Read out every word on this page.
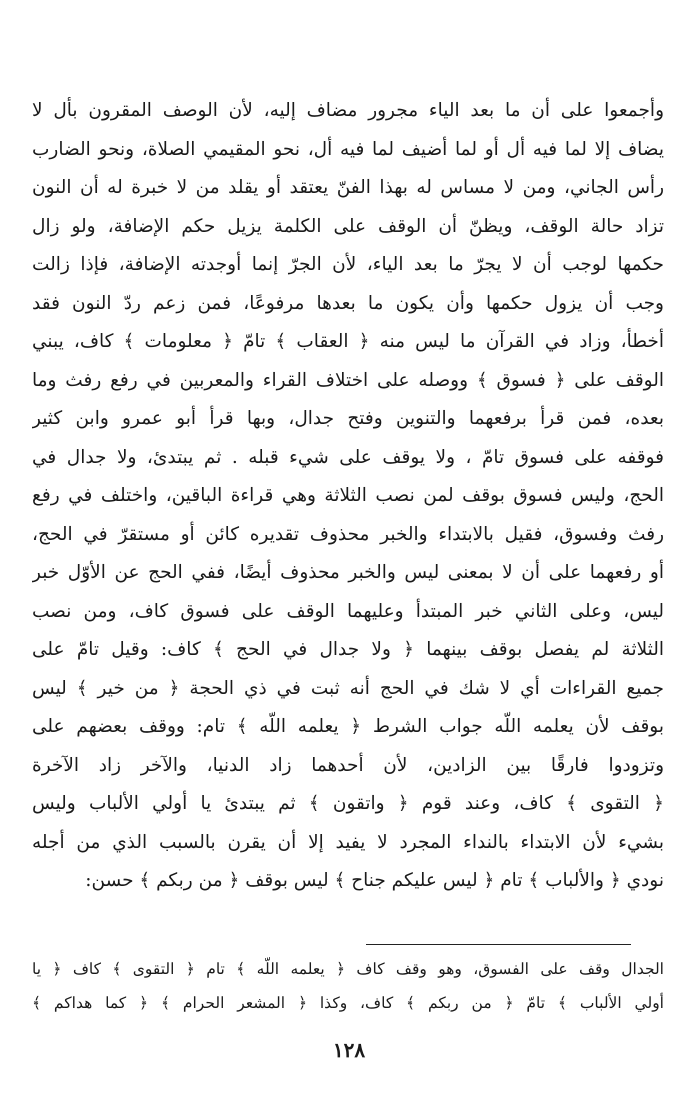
وأجمعوا على أن ما بعد الياء مجرور مضاف إليه، لأن الوصف المقرون بأل لا
يضاف إلا لما فيه أل أو لما أضيف لما فيه أل، نحو المقيمي الصلاة، ونحو الضارب
رأس الجاني، ومن لا مساس له بهذا الفنّ يعتقد أو يقلد من لا خبرة له أن النون
تزاد حالة الوقف، ويظنّ أن الوقف على الكلمة يزيل حكم الإضافة، ولو زال
حكمها لوجب أن لا يجرّ ما بعد الياء، لأن الجرّ إنما أوجدته الإضافة، فإذا زالت
وجب أن يزول حكمها وأن يكون ما بعدها مرفوعًا، فمن زعم ردّ النون فقد
أخطأ، وزاد في القرآن ما ليس منه ﴿ العقاب ﴾ تامّ ﴿ معلومات ﴾ كاف، يبني
الوقف على ﴿ فسوق ﴾ ووصله على اختلاف القراء والمعربين في رفع رفث وما
بعده، فمن قرأ برفعهما والتنوين وفتح جدال، وبها قرأ أبو عمرو وابن كثير
فوقفه على فسوق تامّ ، ولا يوقف على شيء قبله . ثم يبتدئ، ولا جدال في
الحج، وليس فسوق بوقف لمن نصب الثلاثة وهي قراءة الباقين، واختلف في رفع
رفث وفسوق، فقيل بالابتداء والخبر محذوف تقديره كائن أو مستقرّ في الحج،
أو رفعهما على أن لا بمعنى ليس والخبر محذوف أيضًا، ففي الحج عن الأوّل خبر
ليس، وعلى الثاني خبر المبتدأ وعليهما الوقف على فسوق كاف، ومن نصب
الثلاثة لم يفصل بوقف بينهما ﴿ ولا جدال في الحج ﴾ كاف: وقيل تامّ على
جميع القراءات أي لا شك في الحج أنه ثبت في ذي الحجة ﴿ من خير ﴾ ليس
بوقف لأن يعلمه اللّه جواب الشرط ﴿ يعلمه اللّه ﴾ تام: ووقف بعضهم على
وتزودوا فارقًا بين الزادين، لأن أحدهما زاد الدنيا، والآخر زاد الآخرة
﴿ التقوى ﴾ كاف، وعند قوم ﴿ واتقون ﴾ ثم يبتدئ يا أولي الألباب وليس
بشيء لأن الابتداء بالنداء المجرد لا يفيد إلا أن يقرن بالسبب الذي من أجله
نودي ﴿ والألباب ﴾ تام ﴿ ليس عليكم جناح ﴾ ليس بوقف ﴿ من ربكم ﴾ حسن:
الجدال وقف على الفسوق، وهو وقف كاف ﴿ يعلمه اللّه ﴾ تام ﴿ التقوى ﴾ كاف ﴿ يا
أولي الألباب ﴾ تامّ ﴿ من ربكم ﴾ كاف، وكذا ﴿ المشعر الحرام ﴾ ﴿ كما هداكم ﴾
١٢٨
